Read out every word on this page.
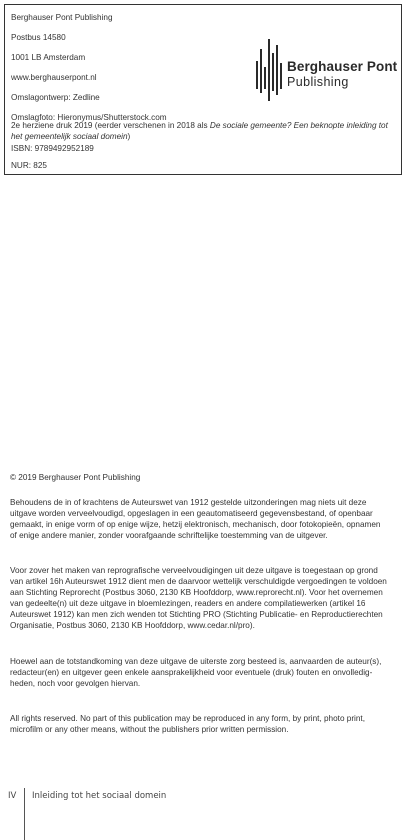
Berghauser Pont Publishing
Postbus 14580
1001 LB Amsterdam
www.berghauserpont.nl
Omslagontwerp: Zedline
Omslagfoto: Hieronymus/Shutterstock.com
2e herziene druk 2019 (eerder verschenen in 2018 als De sociale gemeente? Een beknopte inleiding tot het gemeentelijk sociaal domein)
ISBN: 9789492952189
Berghauser Pont
Publishing
NUR: 825
© 2019 Berghauser Pont Publishing

Behoudens de in of krachtens de Auteurswet van 1912 gestelde uitzonderingen mag niets uit deze
uitgave worden verveelvoudigd, opgeslagen in een geautomatiseerd gegevensbestand, of openbaar
gemaakt, in enige vorm of op enige wijze, hetzij elektronisch, mechanisch, door fotokopieën, opnamen
of enige andere manier, zonder voorafgaande schriftelijke toestemming van de uitgever.

Voor zover het maken van reprografische verveelvoudigingen uit deze uitgave is toegestaan op grond
van artikel 16h Auteurswet 1912 dient men de daarvoor wettelijk verschuldigde vergoedingen te voldoen
aan Stichting Reprorecht (Postbus 3060, 2130 KB Hoofddorp, www.reprorecht.nl). Voor het overnemen
van gedeelte(n) uit deze uitgave in bloemlezingen, readers en andere compilatiewerken (artikel 16
Auteurswet 1912) kan men zich wenden tot Stichting PRO (Stichting Publicatie- en Reproductierechten
Organisatie, Postbus 3060, 2130 KB Hoofddorp, www.cedar.nl/pro).

Hoewel aan de totstandkoming van deze uitgave de uiterste zorg besteed is, aanvaarden de auteur(s),
redacteur(en) en uitgever geen enkele aansprakelijkheid voor eventuele (druk) fouten en onvolledig-
heden, noch voor gevolgen hiervan.

All rights reserved. No part of this publication may be reproduced in any form, by print, photo print,
microfilm or any other means, without the publishers prior written permission.

IV Inleiding tot het sociaal domein
